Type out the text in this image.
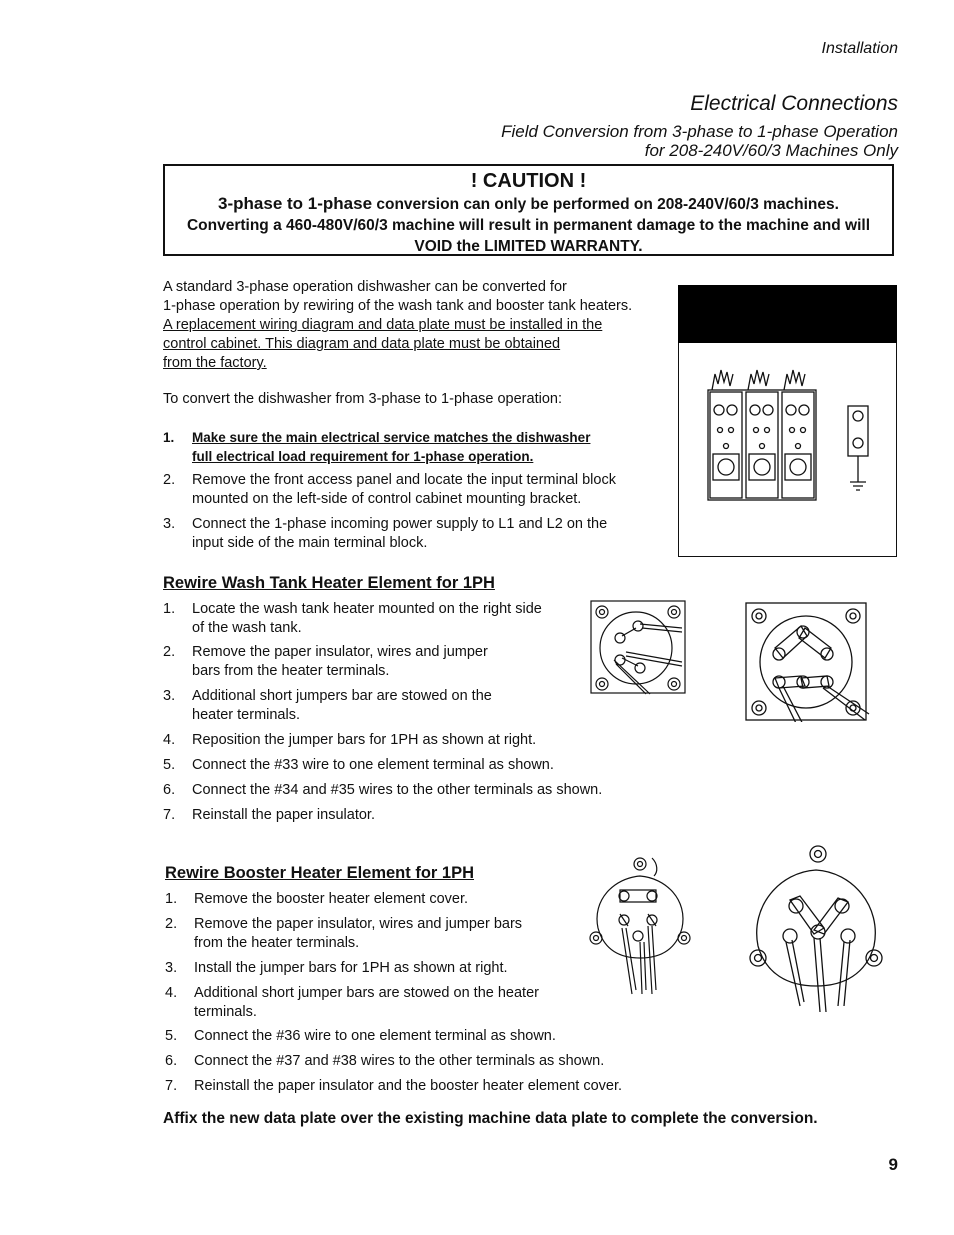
Installation
Electrical Connections
Field Conversion from 3-phase to 1-phase Operation
for 208-240V/60/3 Machines Only
! CAUTION !
3-phase to 1-phase conversion can only be performed on 208-240V/60/3 machines.
Converting a 460-480V/60/3 machine will result in permanent damage to the machine and will
VOID the LIMITED WARRANTY.
A standard 3-phase operation dishwasher can be converted for
1-phase operation by rewiring of the wash tank and booster tank heaters.
A replacement wiring diagram and data plate must be installed in the
control cabinet. This diagram and data plate must be obtained
from the factory.
To convert the dishwasher from 3-phase to 1-phase operation:
1.	Make sure the main electrical service matches the dishwasher
full electrical load requirement for 1-phase operation.
2.	Remove the front access panel and locate the input terminal block
mounted on the left-side of control cabinet mounting bracket.
3.	Connect the 1-phase incoming power supply to L1 and L2 on the
input side of the main terminal block.
Rewire Wash Tank Heater Element for 1PH
1.	Locate the wash tank heater mounted on the right side
of the wash tank.
2.	Remove the paper insulator, wires and jumper
bars from the heater terminals.
3.	Additional short jumpers bar are stowed on the
heater terminals.
4.	Reposition the jumper bars for 1PH as shown at right.
5.	Connect the #33 wire to one element terminal as shown.
6.	Connect the #34 and #35 wires to the other terminals as shown.
7.	Reinstall the paper insulator.
Rewire Booster Heater Element for 1PH
1.	Remove the booster heater element cover.
2.	Remove the paper insulator, wires and jumper bars
from the heater terminals.
3.	Install the jumper bars for 1PH as shown at right.
4.	Additional short jumper bars are stowed on the heater
terminals.
5.	Connect the #36 wire to one element terminal as shown.
6.	Connect the #37 and #38 wires to the other terminals as shown.
7.	Reinstall the paper insulator and the booster heater element cover.
Affix the new data plate over the existing machine data plate to complete the conversion.
9
